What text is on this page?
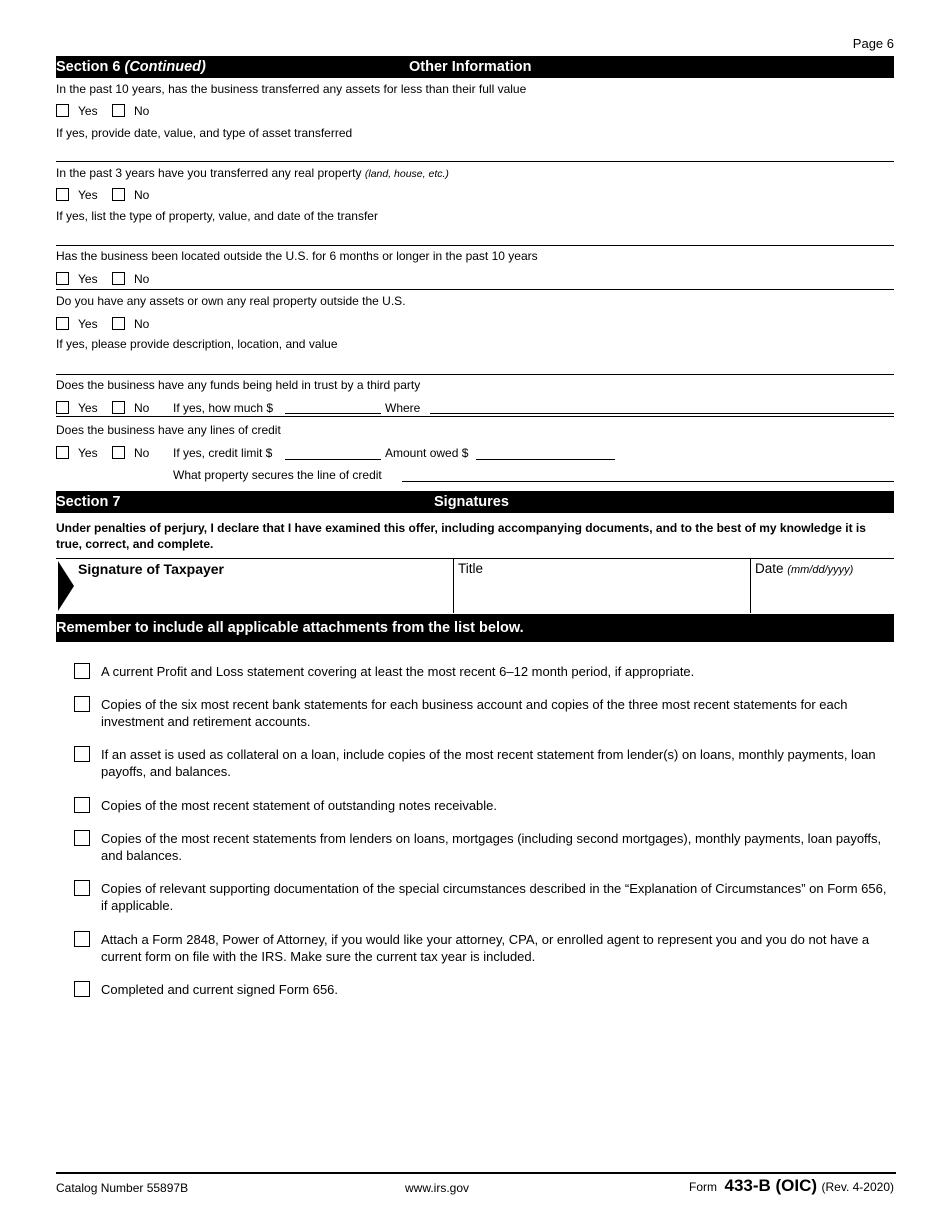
Page 6
Section 6 (Continued)	Other Information
In the past 10 years, has the business transferred any assets for less than their full value
Yes	No
If yes, provide date, value, and type of asset transferred
In the past 3 years have you transferred any real property (land, house, etc.)
Yes	No
If yes, list the type of property, value, and date of the transfer
Has the business been located outside the U.S. for 6 months or longer in the past 10 years
Yes	No
Do you have any assets or own any real property outside the U.S.
Yes	No
If yes, please provide description, location, and value
Does the business have any funds being held in trust by a third party
Yes	No If yes, how much $	Where
Does the business have any lines of credit
Yes	No If yes, credit limit $	Amount owed $
What property secures the line of credit
Section 7	Signatures
Under penalties of perjury, I declare that I have examined this offer, including accompanying documents, and to the best of my knowledge it is true, correct, and complete.
Signature of Taxpayer	Title	Date (mm/dd/yyyy)
Remember to include all applicable attachments from the list below.
A current Profit and Loss statement covering at least the most recent 6–12 month period, if appropriate.
Copies of the six most recent bank statements for each business account and copies of the three most recent statements for each investment and retirement accounts.
If an asset is used as collateral on a loan, include copies of the most recent statement from lender(s) on loans, monthly payments, loan payoffs, and balances.
Copies of the most recent statement of outstanding notes receivable.
Copies of the most recent statements from lenders on loans, mortgages (including second mortgages), monthly payments, loan payoffs, and balances.
Copies of relevant supporting documentation of the special circumstances described in the “Explanation of Circumstances” on Form 656, if applicable.
Attach a Form 2848, Power of Attorney, if you would like your attorney, CPA, or enrolled agent to represent you and you do not have a current form on file with the IRS. Make sure the current tax year is included.
Completed and current signed Form 656.
Catalog Number 55897B	www.irs.gov	Form 433-B (OIC) (Rev. 4-2020)
